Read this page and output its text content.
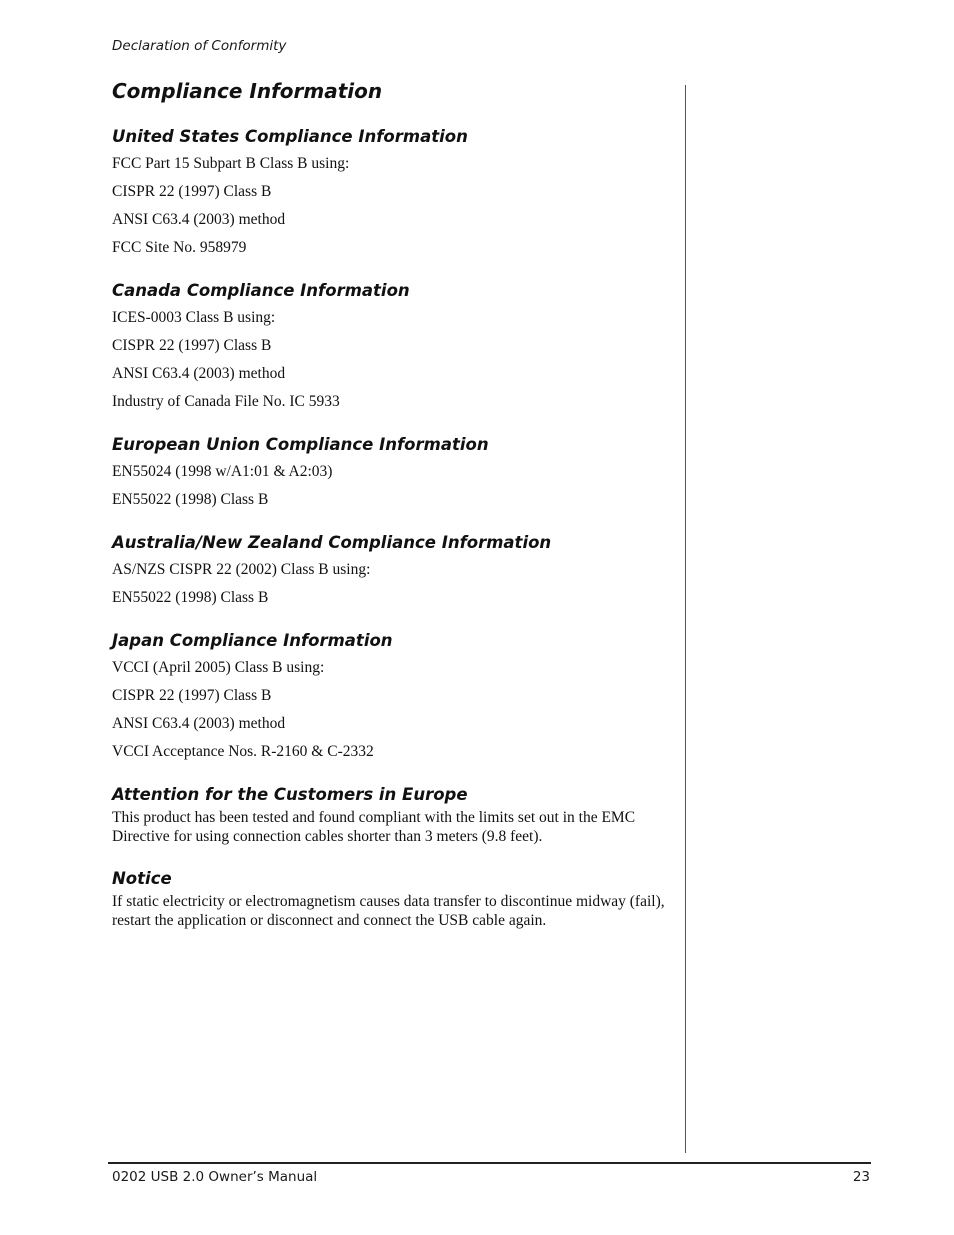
Declaration of Conformity
Compliance Information
United States Compliance Information
FCC Part 15 Subpart B Class B using:
CISPR 22 (1997) Class B
ANSI C63.4 (2003) method
FCC Site No. 958979
Canada Compliance Information
ICES-0003 Class B using:
CISPR 22 (1997) Class B
ANSI C63.4 (2003) method
Industry of Canada File No. IC 5933
European Union Compliance Information
EN55024 (1998 w/A1:01 & A2:03)
EN55022 (1998) Class B
Australia/New Zealand Compliance Information
AS/NZS CISPR 22 (2002) Class B using:
EN55022 (1998) Class B
Japan Compliance Information
VCCI (April 2005) Class B using:
CISPR 22 (1997) Class B
ANSI C63.4 (2003) method
VCCI Acceptance Nos. R-2160 & C-2332
Attention for the Customers in Europe

This product has been tested and found compliant with the limits set out in the EMC Directive for using connection cables shorter than 3 meters (9.8 feet).

Notice

If static electricity or electromagnetism causes data transfer to discontinue midway (fail), restart the application or disconnect and connect the USB cable again.

0202 USB 2.0 Owner’s Manual	23
